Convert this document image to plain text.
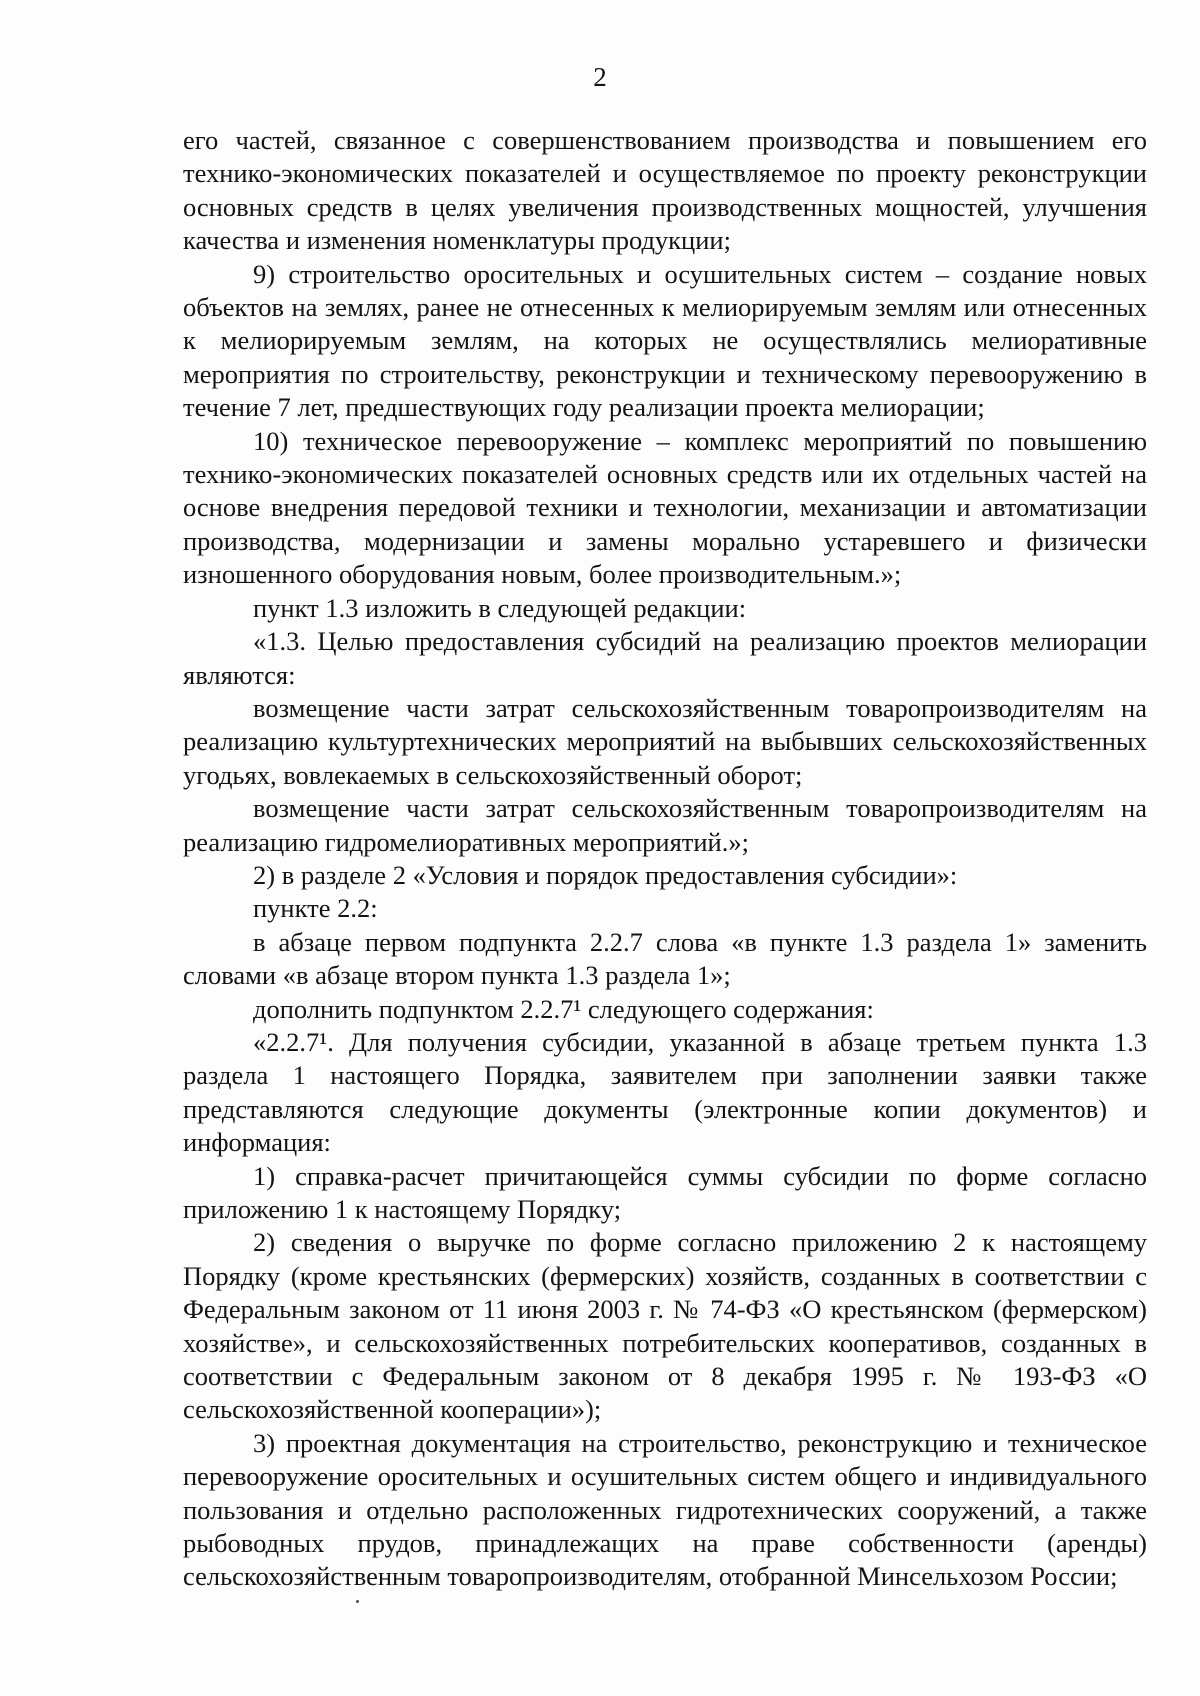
2

его частей, связанное с совершенствованием производства и повышением его технико-экономических показателей и осуществляемое по проекту реконструкции основных средств в целях увеличения производственных мощностей, улучшения качества и изменения номенклатуры продукции;

9) строительство оросительных и осушительных систем – создание новых объектов на землях, ранее не отнесенных к мелиорируемым землям или отнесенных к мелиорируемым землям, на которых не осуществлялись мелиоративные мероприятия по строительству, реконструкции и техническому перевооружению в течение 7 лет, предшествующих году реализации проекта мелиорации;

10) техническое перевооружение – комплекс мероприятий по повышению технико-экономических показателей основных средств или их отдельных частей на основе внедрения передовой техники и технологии, механизации и автоматизации производства, модернизации и замены морально устаревшего и физически изношенного оборудования новым, более производительным.»;

пункт 1.3 изложить в следующей редакции:

«1.3. Целью предоставления субсидий на реализацию проектов мелиорации являются:

возмещение части затрат сельскохозяйственным товаропроизводителям на реализацию культуртехнических мероприятий на выбывших сельскохозяйственных угодьях, вовлекаемых в сельскохозяйственный оборот;

возмещение части затрат сельскохозяйственным товаропроизводителям на реализацию гидромелиоративных мероприятий.»;

2) в разделе 2 «Условия и порядок предоставления субсидии»:

пункте 2.2:

в абзаце первом подпункта 2.2.7 слова «в пункте 1.3 раздела 1» заменить словами «в абзаце втором пункта 1.3 раздела 1»;

дополнить подпунктом 2.2.7¹ следующего содержания:

«2.2.7¹. Для получения субсидии, указанной в абзаце третьем пункта 1.3 раздела 1 настоящего Порядка, заявителем при заполнении заявки также представляются следующие документы (электронные копии документов) и информация:

1) справка-расчет причитающейся суммы субсидии по форме согласно приложению 1 к настоящему Порядку;

2) сведения о выручке по форме согласно приложению 2 к настоящему Порядку (кроме крестьянских (фермерских) хозяйств, созданных в соответствии с Федеральным законом от 11 июня 2003 г. № 74-ФЗ «О крестьянском (фермерском) хозяйстве», и сельскохозяйственных потребительских кооперативов, созданных в соответствии с Федеральным законом от 8 декабря 1995 г. № 193-ФЗ «О сельскохозяйственной кооперации»);

3) проектная документация на строительство, реконструкцию и техническое перевооружение оросительных и осушительных систем общего и индивидуального пользования и отдельно расположенных гидротехнических сооружений, а также рыбоводных прудов, принадлежащих на праве собственности (аренды) сельскохозяйственным товаропроизводителям, отобранной Минсельхозом России;
